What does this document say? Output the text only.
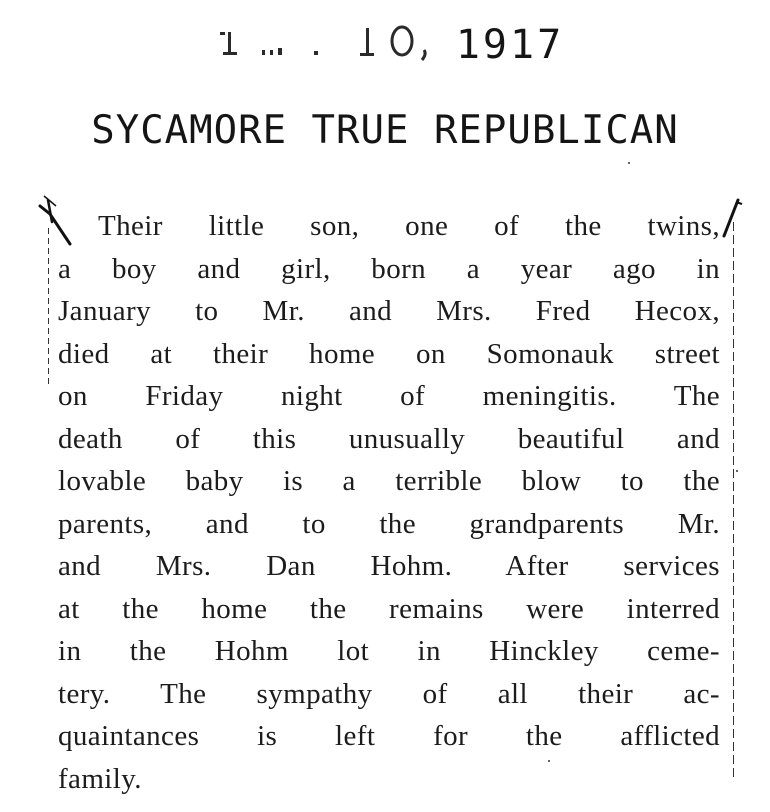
1917
SYCAMORE TRUE REPUBLICAN
Their little son, one of the twins,
a boy and girl, born a year ago in
January to Mr. and Mrs. Fred Hecox,
died at their home on Somonauk street
on Friday night of meningitis. The
death of this unusually beautiful and
lovable baby is a terrible blow to the
parents, and to the grandparents Mr.
and Mrs. Dan Hohm. After services
at the home the remains were interred
in the Hohm lot in Hinckley ceme-
tery. The sympathy of all their ac-
quaintances is left for the afflicted
family.
